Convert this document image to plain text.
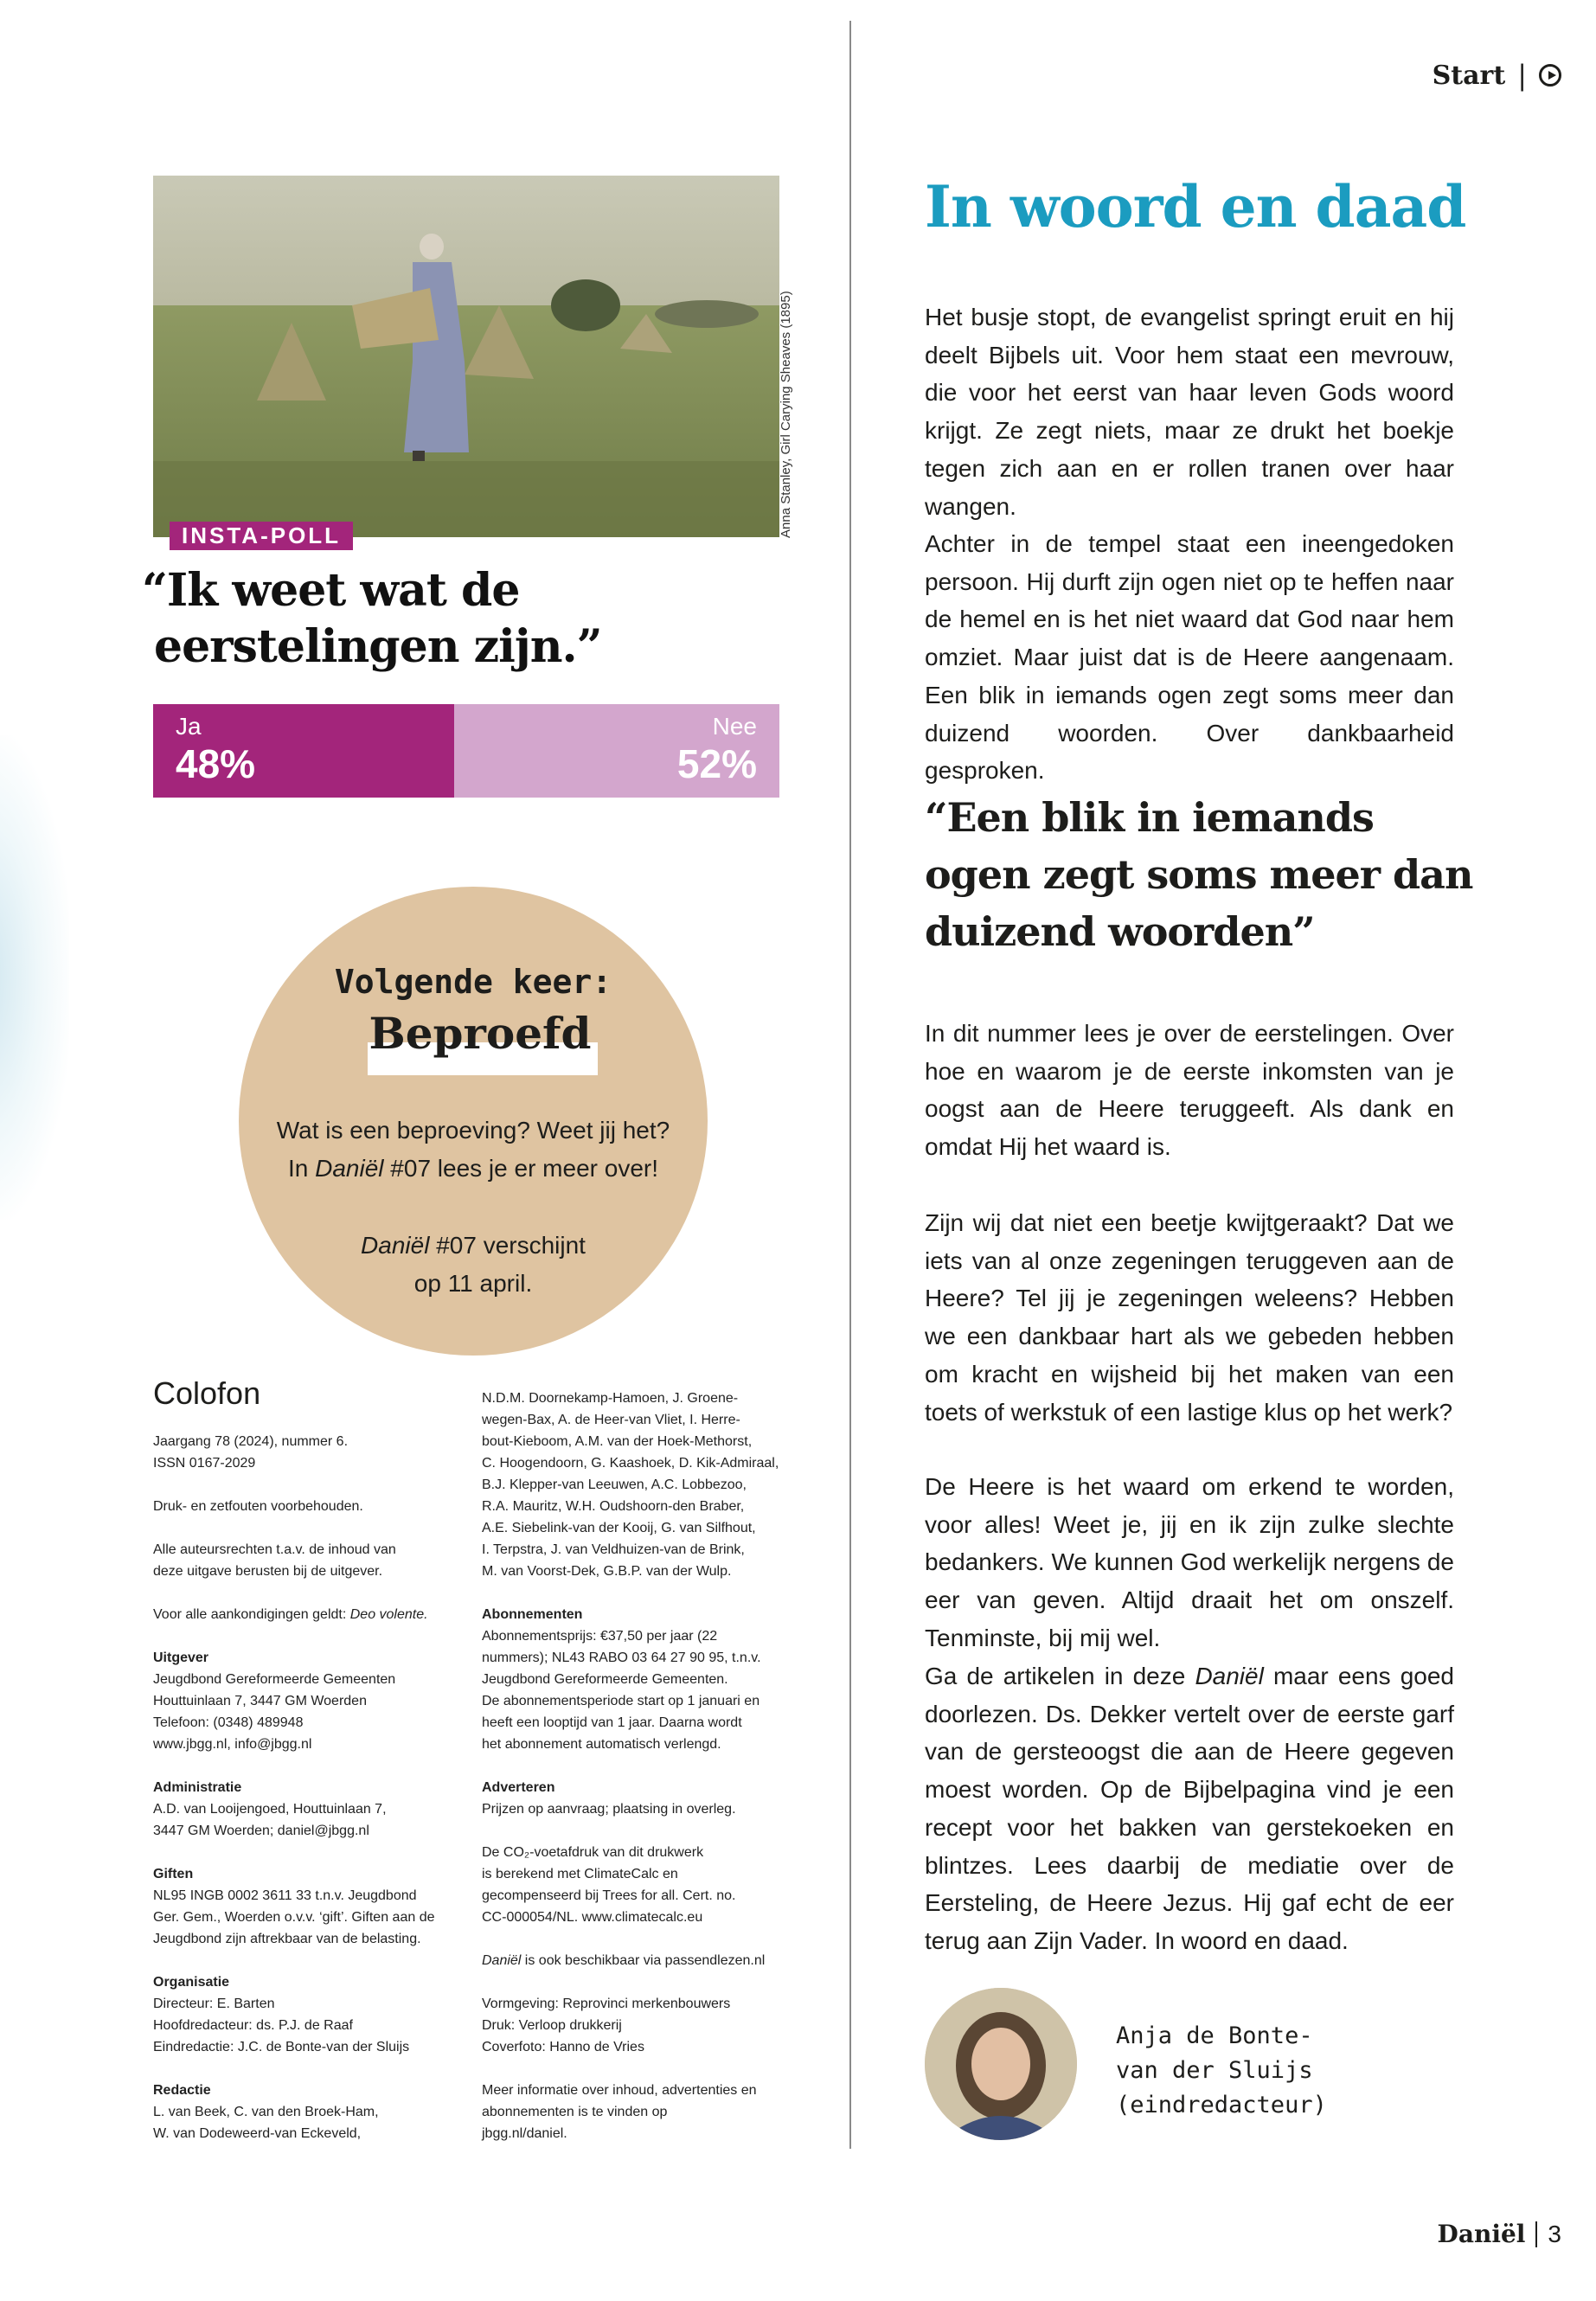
Start |
Anna Stanley, Girl Carying Sheaves (1895)
INSTA-POLL
“Ik weet wat de
eerstelingen zijn.”
Ja
48%
Nee
52%
Volgende keer:
Beproefd
Wat is een beproeving? Weet jij het?
In Daniël #07 lees je er meer over!
Daniël #07 verschijnt
op 11 april.
Colofon

Jaargang 78 (2024), nummer 6.
ISSN 0167-2029

Druk- en zetfouten voorbehouden.

Alle auteursrechten t.a.v. de inhoud van
deze uitgave berusten bij de uitgever.

Voor alle aankondigingen geldt: Deo volente.

Uitgever
Jeugdbond Gereformeerde Gemeenten
Houttuinlaan 7, 3447 GM Woerden
Telefoon: (0348) 489948
www.jbgg.nl, info@jbgg.nl

Administratie
A.D. van Looijengoed, Houttuinlaan 7,
3447 GM Woerden; daniel@jbgg.nl

Giften
NL95 INGB 0002 3611 33 t.n.v. Jeugdbond
Ger. Gem., Woerden o.v.v. ‘gift’. Giften aan de
Jeugdbond zijn aftrekbaar van de belasting.

Organisatie
Directeur: E. Barten
Hoofdredacteur: ds. P.J. de Raaf
Eindredactie: J.C. de Bonte-van der Sluijs

Redactie
L. van Beek, C. van den Broek-Ham,
W. van Dodeweerd-van Eckeveld,

N.D.M. Doornekamp-Hamoen, J. Groene-
wegen-Bax, A. de Heer-van Vliet, I. Herre-
bout-Kieboom, A.M. van der Hoek-Methorst,
C. Hoogendoorn, G. Kaashoek, D. Kik-Admiraal,
B.J. Klepper-van Leeuwen, A.C. Lobbezoo,
R.A. Mauritz, W.H. Oudshoorn-den Braber,
A.E. Siebelink-van der Kooij, G. van Silfhout,
I. Terpstra, J. van Veldhuizen-van de Brink,
M. van Voorst-Dek, G.B.P. van der Wulp.

Abonnementen
Abonnementsprijs: €37,50 per jaar (22
nummers); NL43 RABO 03 64 27 90 95, t.n.v.
Jeugdbond Gereformeerde Gemeenten.
De abonnementsperiode start op 1 januari en
heeft een looptijd van 1 jaar. Daarna wordt
het abonnement automatisch verlengd.

Adverteren
Prijzen op aanvraag; plaatsing in overleg.

De CO₂-voetafdruk van dit drukwerk
is berekend met ClimateCalc en
gecompenseerd bij Trees for all. Cert. no.
CC-000054/NL. www.climatecalc.eu

Daniël is ook beschikbaar via passendlezen.nl

Vormgeving: Reprovinci merkenbouwers
Druk: Verloop drukkerij
Coverfoto: Hanno de Vries

Meer informatie over inhoud, advertenties en
abonnementen is te vinden op
jbgg.nl/daniel.

In woord en daad

Het busje stopt, de evangelist springt eruit en hij deelt Bijbels uit. Voor hem staat een mevrouw, die voor het eerst van haar leven Gods woord krijgt. Ze zegt niets, maar ze drukt het boekje tegen zich aan en er rollen tranen over haar wangen.

Achter in de tempel staat een ineengedoken persoon. Hij durft zijn ogen niet op te heffen naar de hemel en is het niet waard dat God naar hem omziet. Maar juist dat is de Heere aangenaam. Een blik in iemands ogen zegt soms meer dan duizend woorden. Over dankbaarheid gesproken.

“Een blik in iemands
ogen zegt soms meer dan
duizend woorden”

In dit nummer lees je over de eerstelingen. Over hoe en waarom je de eerste inkomsten van je oogst aan de Heere teruggeeft. Als dank en omdat Hij het waard is.

Zijn wij dat niet een beetje kwijtgeraakt? Dat we iets van al onze zegeningen teruggeven aan de Heere? Tel jij je zegeningen weleens? Hebben we een dankbaar hart als we gebeden hebben om kracht en wijsheid bij het maken van een toets of werkstuk of een lastige klus op het werk?

De Heere is het waard om erkend te worden, voor alles! Weet je, jij en ik zijn zulke slechte bedankers. We kunnen God werkelijk nergens de eer van geven. Altijd draait het om onszelf. Tenminste, bij mij wel.

Ga de artikelen in deze Daniël maar eens goed doorlezen. Ds. Dekker vertelt over de eerste garf van de gersteoogst die aan de Heere gegeven moest worden. Op de Bijbelpagina vind je een recept voor het bakken van gerstekoeken en blintzes. Lees daarbij de mediatie over de Eersteling, de Heere Jezus. Hij gaf echt de eer terug aan Zijn Vader. In woord en daad.

Anja de Bonte-
van der Sluijs
(eindredacteur)
Daniël 3
